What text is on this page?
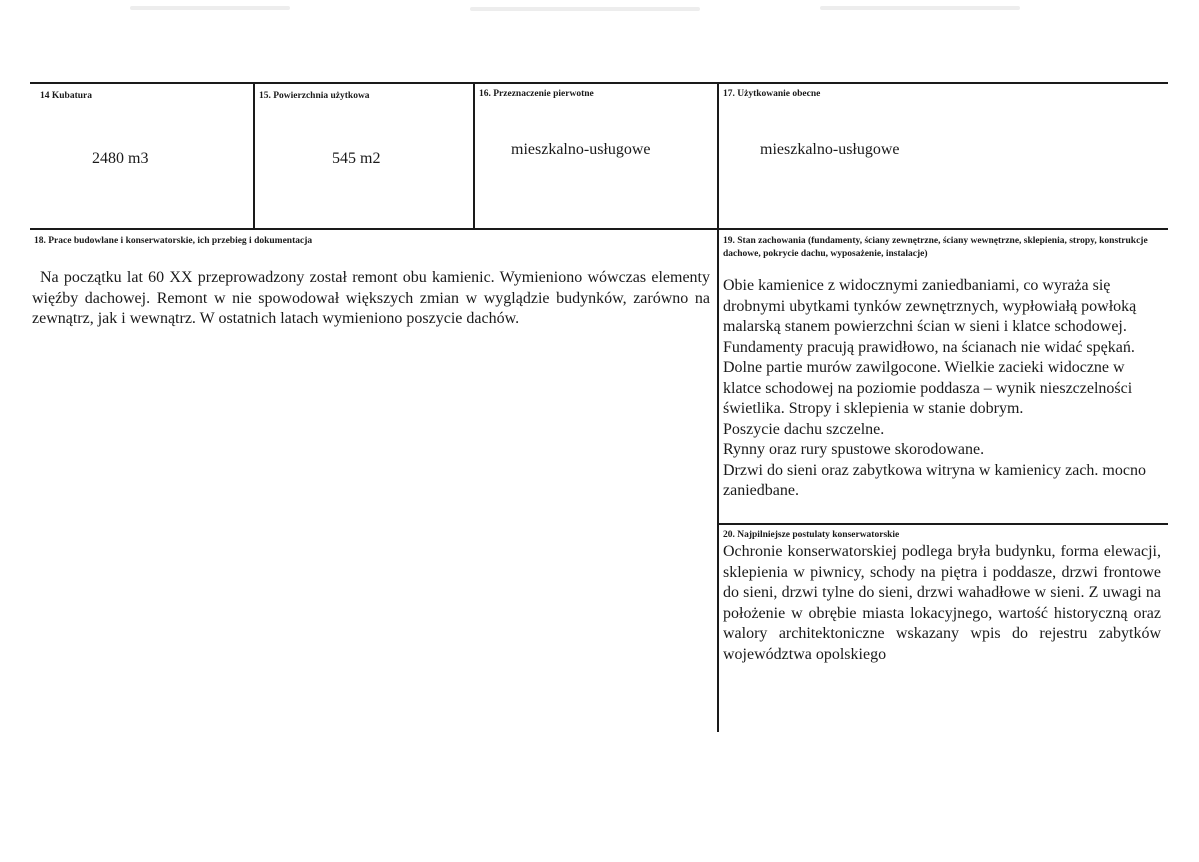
14 Kubatura
2480 m3
15. Powierzchnia użytkowa
545 m2
16. Przeznaczenie pierwotne
mieszkalno-usługowe
17. Użytkowanie obecne
mieszkalno-usługowe
18. Prace budowlane i konserwatorskie, ich przebieg i dokumentacja

Na początku lat 60 XX przeprowadzony został remont obu kamienic. Wymieniono wówczas elementy więźby dachowej. Remont w nie spowodował większych zmian w wyglądzie budynków, zarówno na zewnątrz, jak i wewnątrz. W ostatnich latach wymieniono poszycie dachów.

19. Stan zachowania (fundamenty, ściany zewnętrzne, ściany wewnętrzne, sklepienia, stropy, konstrukcje dachowe, pokrycie dachu, wyposażenie, instalacje)

Obie kamienice z widocznymi zaniedbaniami, co wyraża się drobnymi ubytkami tynków zewnętrznych, wypłowiałą powłoką malarską stanem powierzchni ścian w sieni i klatce schodowej.

Fundamenty pracują prawidłowo, na ścianach nie widać spękań. Dolne partie murów zawilgocone. Wielkie zacieki widoczne w klatce schodowej na poziomie poddasza – wynik nieszczelności świetlika. Stropy i sklepienia w stanie dobrym.

Poszycie dachu szczelne.

Rynny oraz rury spustowe skorodowane.

Drzwi do sieni oraz zabytkowa witryna w kamienicy zach. mocno zaniedbane.

20. Najpilniejsze postulaty konserwatorskie

Ochronie konserwatorskiej podlega bryła budynku, forma elewacji, sklepienia w piwnicy, schody na piętra i poddasze, drzwi frontowe do sieni, drzwi tylne do sieni, drzwi wahadłowe w sieni. Z uwagi na położenie w obrębie miasta lokacyjnego, wartość historyczną oraz walory architektoniczne wskazany wpis do rejestru zabytków województwa opolskiego
